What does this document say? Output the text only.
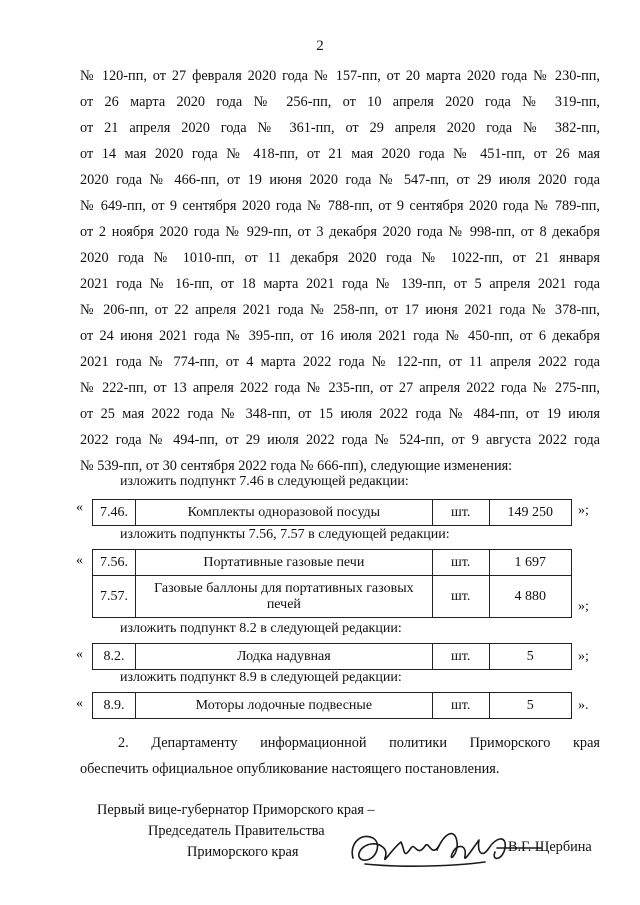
2
№ 120-пп, от 27 февраля 2020 года № 157-пп, от 20 марта 2020 года № 230-пп,
от 26 марта 2020 года № 256-пп, от 10 апреля 2020 года № 319-пп,
от 21 апреля 2020 года № 361-пп, от 29 апреля 2020 года № 382-пп,
от 14 мая 2020 года № 418-пп, от 21 мая 2020 года № 451-пп, от 26 мая
2020 года № 466-пп, от 19 июня 2020 года № 547-пп, от 29 июля 2020 года
№ 649-пп, от 9 сентября 2020 года № 788-пп, от 9 сентября 2020 года № 789-пп,
от 2 ноября 2020 года № 929-пп, от 3 декабря 2020 года № 998-пп, от 8 декабря
2020 года № 1010-пп, от 11 декабря 2020 года № 1022-пп, от 21 января
2021 года № 16-пп, от 18 марта 2021 года № 139-пп, от 5 апреля 2021 года
№ 206-пп, от 22 апреля 2021 года № 258-пп, от 17 июня 2021 года № 378-пп,
от 24 июня 2021 года № 395-пп, от 16 июля 2021 года № 450-пп, от 6 декабря
2021 года № 774-пп, от 4 марта 2022 года № 122-пп, от 11 апреля 2022 года
№ 222-пп, от 13 апреля 2022 года № 235-пп, от 27 апреля 2022 года № 275-пп,
от 25 мая 2022 года № 348-пп, от 15 июля 2022 года № 484-пп, от 19 июля
2022 года № 494-пп, от 29 июля 2022 года № 524-пп, от 9 августа 2022 года
№ 539-пп, от 30 сентября 2022 года № 666-пп), следующие изменения:
изложить подпункт 7.46 в следующей редакции:
« 7.46.	Комплекты одноразовой посуды	шт.	149 250 »;
изложить подпункты 7.56, 7.57 в следующей редакции:
« 7.56.	Портативные газовые печи	шт.	1 697
7.57.	Газовые баллоны для портативных газовых печей	шт.	4 880
»;
изложить подпункт 8.2 в следующей редакции:
« 8.2.	Лодка надувная	шт.	5	»;
изложить подпункт 8.9 в следующей редакции:
« 8.9.	Моторы лодочные подвесные	шт.	5	».
2. Департаменту информационной политики Приморского края
обеспечить официальное опубликование настоящего постановления.
Первый вице-губернатор Приморского края –
Председатель Правительства
Приморского края	В.Г. Щербина
